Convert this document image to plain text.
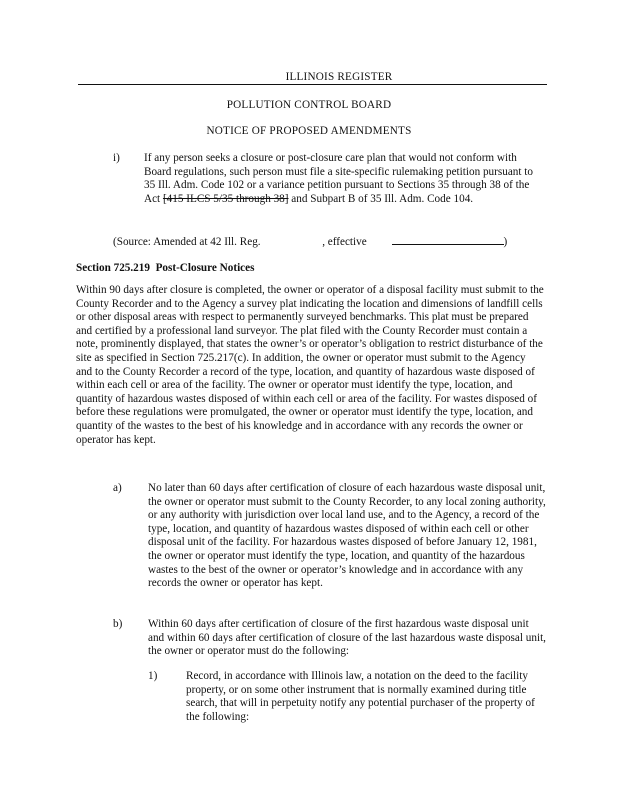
ILLINOIS REGISTER
POLLUTION CONTROL BOARD
NOTICE OF PROPOSED AMENDMENTS
i) If any person seeks a closure or post-closure care plan that would not conform with Board regulations, such person must file a site-specific rulemaking petition pursuant to 35 Ill. Adm. Code 102 or a variance petition pursuant to Sections 35 through 38 of the Act [415 ILCS 5/35 through 38] and Subpart B of 35 Ill. Adm. Code 104.

(Source: Amended at 42 Ill. Reg.	, effective	)
Section 725.219 Post-Closure Notices

Within 90 days after closure is completed, the owner or operator of a disposal facility must submit to the County Recorder and to the Agency a survey plat indicating the location and dimensions of landfill cells or other disposal areas with respect to permanently surveyed benchmarks. This plat must be prepared and certified by a professional land surveyor. The plat filed with the County Recorder must contain a note, prominently displayed, that states the owner’s or operator’s obligation to restrict disturbance of the site as specified in Section 725.217(c). In addition, the owner or operator must submit to the Agency and to the County Recorder a record of the type, location, and quantity of hazardous waste disposed of within each cell or area of the facility. The owner or operator must identify the type, location, and quantity of hazardous wastes disposed of within each cell or area of the facility. For wastes disposed of before these regulations were promulgated, the owner or operator must identify the type, location, and quantity of the wastes to the best of his knowledge and in accordance with any records the owner or operator has kept.

a) No later than 60 days after certification of closure of each hazardous waste disposal unit, the owner or operator must submit to the County Recorder, to any local zoning authority, or any authority with jurisdiction over local land use, and to the Agency, a record of the type, location, and quantity of hazardous wastes disposed of within each cell or other disposal unit of the facility. For hazardous wastes disposed of before January 12, 1981, the owner or operator must identify the type, location, and quantity of the hazardous wastes to the best of the owner or operator’s knowledge and in accordance with any records the owner or operator has kept.

b) Within 60 days after certification of closure of the first hazardous waste disposal unit and within 60 days after certification of closure of the last hazardous waste disposal unit, the owner or operator must do the following:

1)	Record, in accordance with Illinois law, a notation on the deed to the facility property, or on some other instrument that is normally examined during title search, that will in perpetuity notify any potential purchaser of the property of the following:
